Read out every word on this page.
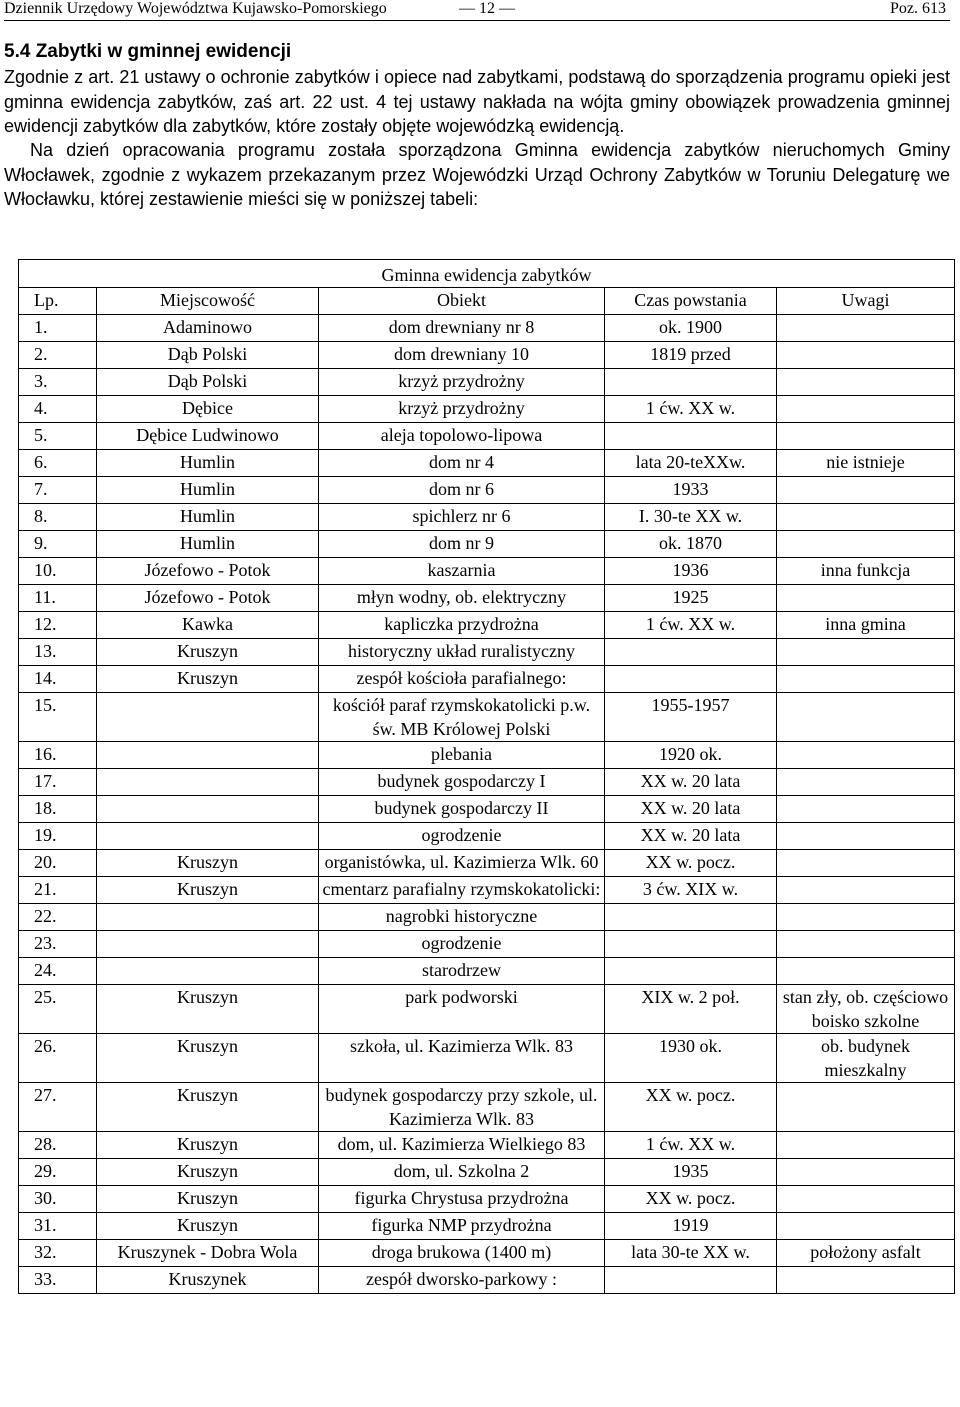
Dziennik Urzędowy Województwa Kujawsko-Pomorskiego	— 12 —	Poz. 613
5.4 Zabytki w gminnej ewidencji
Zgodnie z art. 21 ustawy o ochronie zabytków i opiece nad zabytkami, podstawą do sporządzenia programu opieki jest gminna ewidencja zabytków, zaś art. 22 ust. 4 tej ustawy nakłada na wójta gminy obowiązek prowadzenia gminnej ewidencji zabytków dla zabytków, które zostały objęte wojewódzką ewidencją.
Na dzień opracowania programu została sporządzona Gminna ewidencja zabytków nieruchomych Gminy Włocławek, zgodnie z wykazem przekazanym przez Wojewódzki Urząd Ochrony Zabytków w Toruniu Delegaturę we Włocławku, której zestawienie mieści się w poniższej tabeli:
Gminna ewidencja zabytków				
Lp.	Miejscowość	Obiekt	Czas powstania	Uwagi
1.	Adaminowo	dom drewniany nr 8	ok. 1900	
2.	Dąb Polski	dom drewniany 10	1819 przed	
3.	Dąb Polski	krzyż przydrożny		
4.	Dębice	krzyż przydrożny	1 ćw. XX w.	
5.	Dębice Ludwinowo	aleja topolowo-lipowa		
6.	Humlin	dom nr 4	lata 20-teXXw.	nie istnieje
7.	Humlin	dom nr 6	1933	
8.	Humlin	spichlerz nr 6	I. 30-te XX w.	
9.	Humlin	dom nr 9	ok. 1870	
10.	Józefowo - Potok	kaszarnia	1936	inna funkcja
11.	Józefowo - Potok	młyn wodny, ob. elektryczny	1925	
12.	Kawka	kapliczka przydrożna	1 ćw. XX w.	inna gmina
13.	Kruszyn	historyczny układ ruralistyczny		
14.	Kruszyn	zespół kościoła parafialnego:		
15.		kościół paraf rzymskokatolicki p.w. św. MB Królowej Polski	1955-1957	
16.		plebania	1920 ok.	
17.		budynek gospodarczy I	XX w. 20 lata	
18.		budynek gospodarczy II	XX w. 20 lata	
19.		ogrodzenie	XX w. 20 lata	
20.	Kruszyn	organistówka, ul. Kazimierza Wlk. 60	XX w. pocz.	
21.	Kruszyn	cmentarz parafialny rzymskokatolicki:	3 ćw. XIX w.	
22.		nagrobki historyczne		
23.		ogrodzenie		
24.		starodrzew		
25.	Kruszyn	park podworski	XIX w. 2 poł.	stan zły, ob. częściowo boisko szkolne
26.	Kruszyn	szkoła, ul. Kazimierza Wlk. 83	1930 ok.	ob. budynek mieszkalny
27.	Kruszyn	budynek gospodarczy przy szkole, ul. Kazimierza Wlk. 83	XX w. pocz.	
28.	Kruszyn	dom, ul. Kazimierza Wielkiego 83	1 ćw. XX w.	
29.	Kruszyn	dom, ul. Szkolna 2	1935	
30.	Kruszyn	figurka Chrystusa przydrożna	XX w. pocz.	
31.	Kruszyn	figurka NMP przydrożna	1919	
32.	Kruszynek - Dobra Wola	droga brukowa (1400 m)	lata 30-te XX w.	położony asfalt
33.	Kruszynek	zespół dworsko-parkowy :		
